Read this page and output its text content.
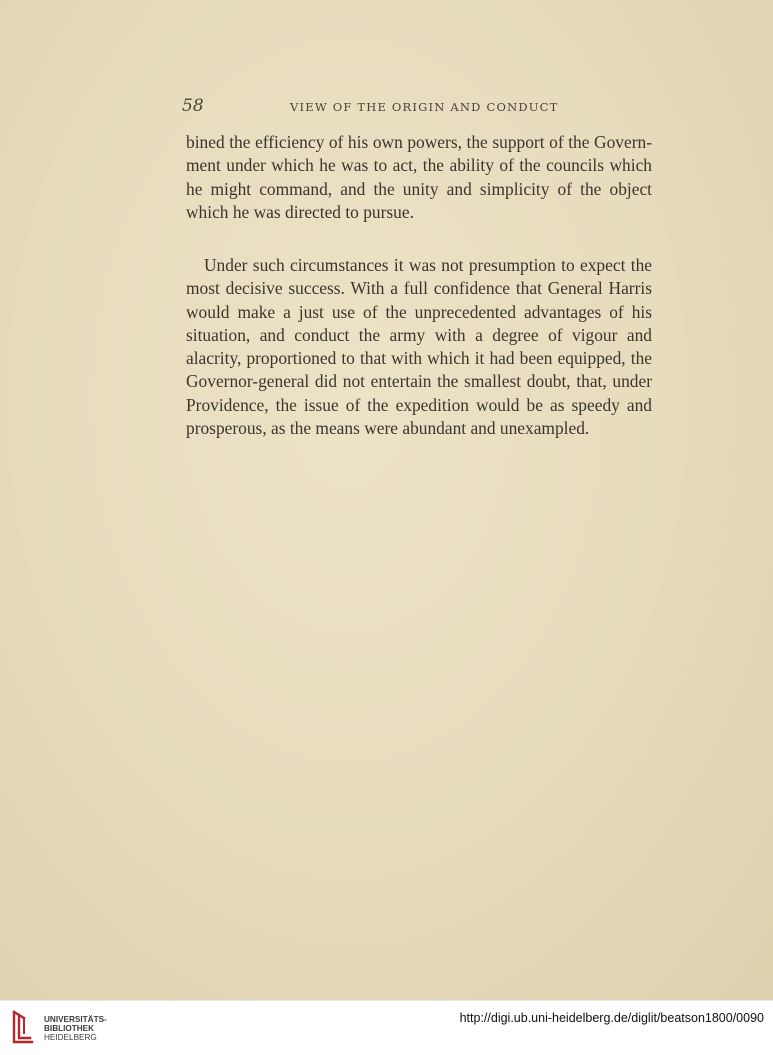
58	VIEW OF THE ORIGIN AND CONDUCT

bined the efficiency of his own powers, the support of the Govern-
ment under which he was to act, the ability of the councils which
he might command, and the unity and simplicity of the object
which he was directed to pursue.

Under such circumstances it was not presumption to expect the
most decisive success. With a full confidence that General Harris
would make a just use of the unprecedented advantages of his
situation, and conduct the army with a degree of vigour and
alacrity, proportioned to that with which it had been equipped, the
Governor-general did not entertain the smallest doubt, that, under
Providence, the issue of the expedition would be as speedy and
prosperous, as the means were abundant and unexampled.

UNIVERSITÄTS-
BIBLIOTHEK
HEIDELBERG
http://digi.ub.uni-heidelberg.de/diglit/beatson1800/0090
